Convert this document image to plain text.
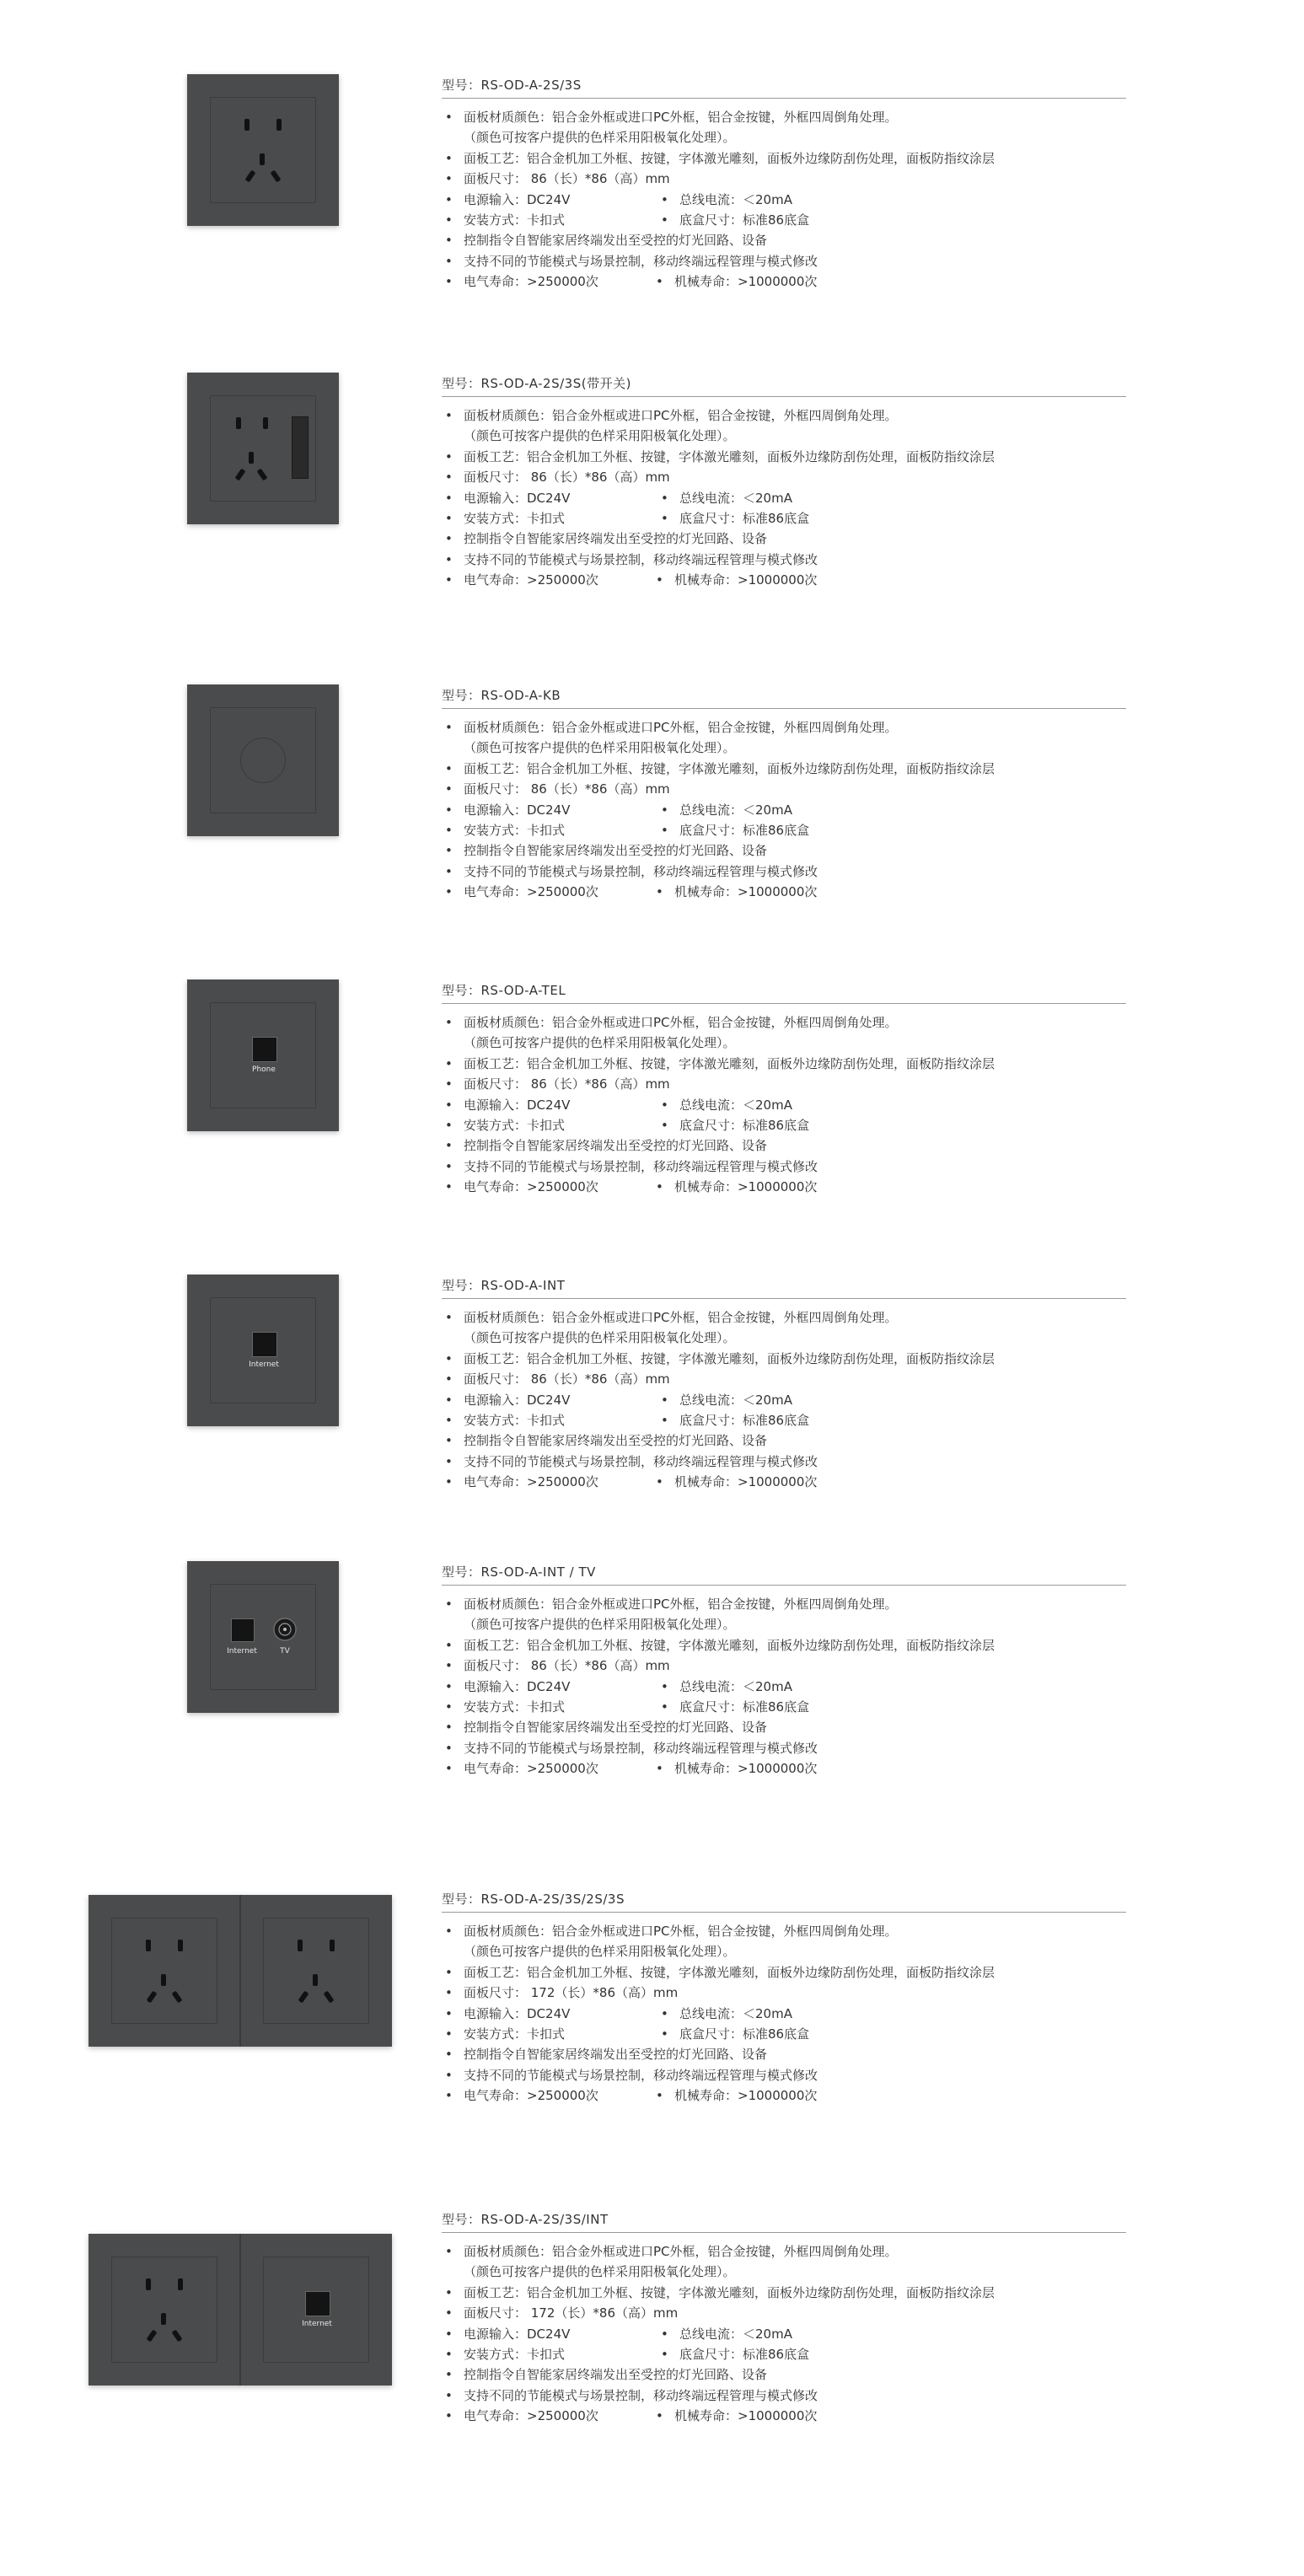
型号：RS-OD-A-2S/3S
• 面板材质颜色：铝合金外框或进口PC外框，铝合金按键，外框四周倒角处理。
（颜色可按客户提供的色样采用阳极氧化处理）。
• 面板工艺：铝合金机加工外框、按键，字体激光雕刻，面板外边缘防刮伤处理，面板防指纹涂层
• 面板尺寸： 86（长）*86（高）mm
• 电源输入：DC24V	• 总线电流：＜20mA
• 安装方式：卡扣式	• 底盒尺寸：标准86底盒
• 控制指令自智能家居终端发出至受控的灯光回路、设备
• 支持不同的节能模式与场景控制，移动终端远程管理与模式修改
• 电气寿命：>250000次	• 机械寿命：>1000000次
型号：RS-OD-A-2S/3S(带开关)
• 面板材质颜色：铝合金外框或进口PC外框，铝合金按键，外框四周倒角处理。
（颜色可按客户提供的色样采用阳极氧化处理）。
• 面板工艺：铝合金机加工外框、按键，字体激光雕刻，面板外边缘防刮伤处理，面板防指纹涂层
• 面板尺寸： 86（长）*86（高）mm
• 电源输入：DC24V	• 总线电流：＜20mA
• 安装方式：卡扣式	• 底盒尺寸：标准86底盒
• 控制指令自智能家居终端发出至受控的灯光回路、设备
• 支持不同的节能模式与场景控制，移动终端远程管理与模式修改
• 电气寿命：>250000次	• 机械寿命：>1000000次
型号：RS-OD-A-KB
• 面板材质颜色：铝合金外框或进口PC外框，铝合金按键，外框四周倒角处理。
（颜色可按客户提供的色样采用阳极氧化处理）。
• 面板工艺：铝合金机加工外框、按键，字体激光雕刻，面板外边缘防刮伤处理，面板防指纹涂层
• 面板尺寸： 86（长）*86（高）mm
• 电源输入：DC24V	• 总线电流：＜20mA
• 安装方式：卡扣式	• 底盒尺寸：标准86底盒
• 控制指令自智能家居终端发出至受控的灯光回路、设备
• 支持不同的节能模式与场景控制，移动终端远程管理与模式修改
• 电气寿命：>250000次	• 机械寿命：>1000000次
Phone
型号：RS-OD-A-TEL
• 面板材质颜色：铝合金外框或进口PC外框，铝合金按键，外框四周倒角处理。
（颜色可按客户提供的色样采用阳极氧化处理）。
• 面板工艺：铝合金机加工外框、按键，字体激光雕刻，面板外边缘防刮伤处理，面板防指纹涂层
• 面板尺寸： 86（长）*86（高）mm
• 电源输入：DC24V	• 总线电流：＜20mA
• 安装方式：卡扣式	• 底盒尺寸：标准86底盒
• 控制指令自智能家居终端发出至受控的灯光回路、设备
• 支持不同的节能模式与场景控制，移动终端远程管理与模式修改
• 电气寿命：>250000次	• 机械寿命：>1000000次
Internet
型号：RS-OD-A-INT
• 面板材质颜色：铝合金外框或进口PC外框，铝合金按键，外框四周倒角处理。
（颜色可按客户提供的色样采用阳极氧化处理）。
• 面板工艺：铝合金机加工外框、按键，字体激光雕刻，面板外边缘防刮伤处理，面板防指纹涂层
• 面板尺寸： 86（长）*86（高）mm
• 电源输入：DC24V	• 总线电流：＜20mA
• 安装方式：卡扣式	• 底盒尺寸：标准86底盒
• 控制指令自智能家居终端发出至受控的灯光回路、设备
• 支持不同的节能模式与场景控制，移动终端远程管理与模式修改
• 电气寿命：>250000次	• 机械寿命：>1000000次
Internet	TV
型号：RS-OD-A-INT / TV
• 面板材质颜色：铝合金外框或进口PC外框，铝合金按键，外框四周倒角处理。
（颜色可按客户提供的色样采用阳极氧化处理）。
• 面板工艺：铝合金机加工外框、按键，字体激光雕刻，面板外边缘防刮伤处理，面板防指纹涂层
• 面板尺寸： 86（长）*86（高）mm
• 电源输入：DC24V	• 总线电流：＜20mA
• 安装方式：卡扣式	• 底盒尺寸：标准86底盒
• 控制指令自智能家居终端发出至受控的灯光回路、设备
• 支持不同的节能模式与场景控制，移动终端远程管理与模式修改
• 电气寿命：>250000次	• 机械寿命：>1000000次
型号：RS-OD-A-2S/3S/2S/3S
• 面板材质颜色：铝合金外框或进口PC外框，铝合金按键，外框四周倒角处理。
（颜色可按客户提供的色样采用阳极氧化处理）。
• 面板工艺：铝合金机加工外框、按键，字体激光雕刻，面板外边缘防刮伤处理，面板防指纹涂层
• 面板尺寸： 172（长）*86（高）mm
• 电源输入：DC24V	• 总线电流：＜20mA
• 安装方式：卡扣式	• 底盒尺寸：标准86底盒
• 控制指令自智能家居终端发出至受控的灯光回路、设备
• 支持不同的节能模式与场景控制，移动终端远程管理与模式修改
• 电气寿命：>250000次	• 机械寿命：>1000000次
Internet
型号：RS-OD-A-2S/3S/INT
• 面板材质颜色：铝合金外框或进口PC外框，铝合金按键，外框四周倒角处理。
（颜色可按客户提供的色样采用阳极氧化处理）。
• 面板工艺：铝合金机加工外框、按键，字体激光雕刻，面板外边缘防刮伤处理，面板防指纹涂层
• 面板尺寸： 172（长）*86（高）mm
• 电源输入：DC24V	• 总线电流：＜20mA
• 安装方式：卡扣式	• 底盒尺寸：标准86底盒
• 控制指令自智能家居终端发出至受控的灯光回路、设备
• 支持不同的节能模式与场景控制，移动终端远程管理与模式修改
• 电气寿命：>250000次	• 机械寿命：>1000000次
